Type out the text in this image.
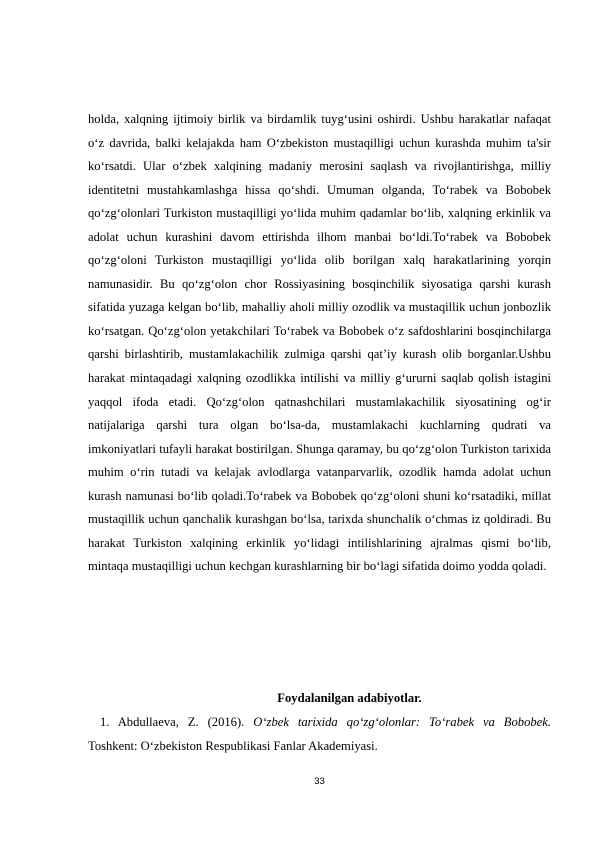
holda, xalqning ijtimoiy birlik va birdamlik tuyg‘usini oshirdi. Ushbu harakatlar nafaqat o‘z davrida, balki kelajakda ham O‘zbekiston mustaqilligi uchun kurashda muhim ta'sir ko‘rsatdi. Ular o‘zbek xalqining madaniy merosini saqlash va rivojlantirishga, milliy identitetni mustahkamlashga hissa qo‘shdi. Umuman olganda, To‘rabek va Bobobek qo‘zg‘olonlari Turkiston mustaqilligi yo‘lida muhim qadamlar bo‘lib, xalqning erkinlik va adolat uchun kurashini davom ettirishda ilhom manbai bo‘ldi.To‘rabek va Bobobek qo‘zg‘oloni Turkiston mustaqilligi yo‘lida olib borilgan xalq harakatlarining yorqin namunasidir. Bu qo‘zg‘olon chor Rossiyasining bosqinchilik siyosatiga qarshi kurash sifatida yuzaga kelgan bo‘lib, mahalliy aholi milliy ozodlik va mustaqillik uchun jonbozlik ko‘rsatgan. Qo‘zg‘olon yetakchilari To‘rabek va Bobobek o‘z safdoshlarini bosqinchilarga qarshi birlashtirib, mustamlakachilik zulmiga qarshi qat’iy kurash olib borganlar.Ushbu harakat mintaqadagi xalqning ozodlikka intilishi va milliy g‘ururni saqlab qolish istagini yaqqol ifoda etadi. Qo‘zg‘olon qatnashchilari mustamlakachilik siyosatining og‘ir natijalariga qarshi tura olgan bo‘lsa-da, mustamlakachi kuchlarning qudrati va imkoniyatlari tufayli harakat bostirilgan. Shunga qaramay, bu qo‘zg‘olon Turkiston tarixida muhim o‘rin tutadi va kelajak avlodlarga vatanparvarlik, ozodlik hamda adolat uchun kurash namunasi bo‘lib qoladi.To‘rabek va Bobobek qo‘zg‘oloni shuni ko‘rsatadiki, millat mustaqillik uchun qanchalik kurashgan bo‘lsa, tarixda shunchalik o‘chmas iz qoldiradi. Bu harakat Turkiston xalqining erkinlik yo‘lidagi intilishlarining ajralmas qismi bo‘lib, mintaqa mustaqilligi uchun kechgan kurashlarning bir bo‘lagi sifatida doimo yodda qoladi.

Foydalanilgan adabiyotlar.

1. Abdullaeva, Z. (2016). O‘zbek tarixida qo‘zg‘olonlar: To‘rabek va Bobobek. Toshkent: O‘zbekiston Respublikasi Fanlar Akademiyasi.

33
